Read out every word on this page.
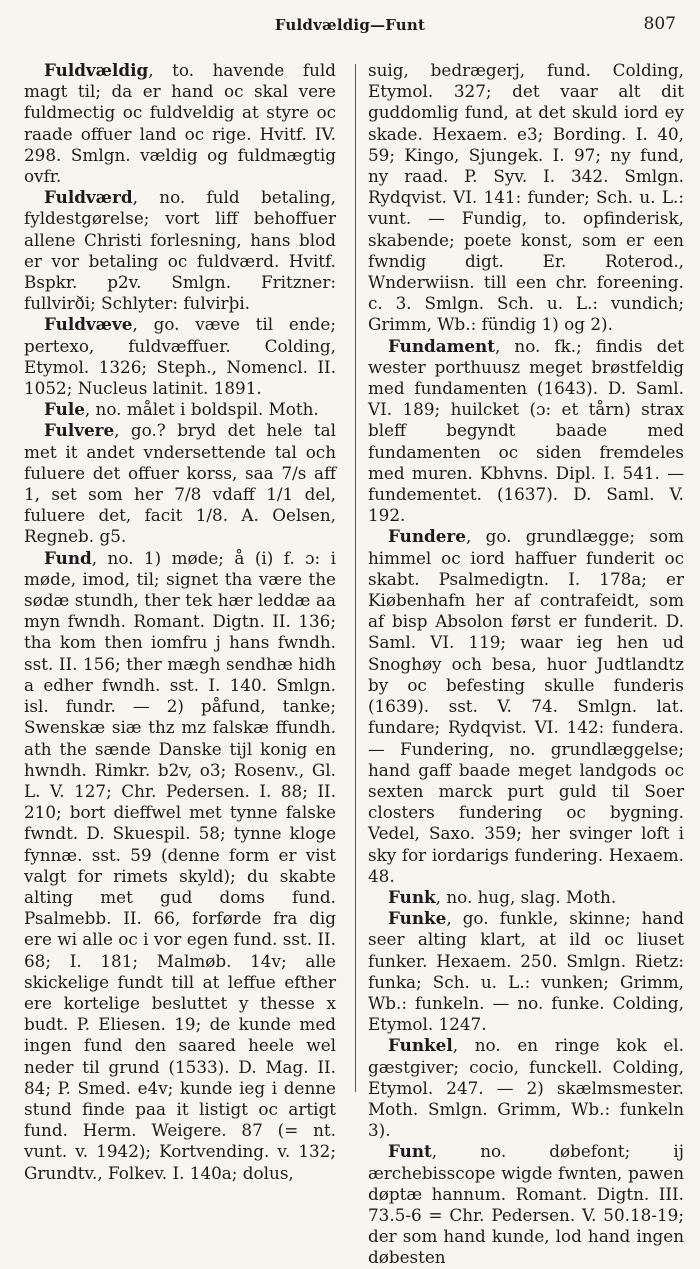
Fuldvældig—Funt	807

Fuldvældig, to. havende fuld magt til; da er hand oc skal vere fuldmectig oc fuldveldig at styre oc raade offuer land oc rige. Hvitf. IV. 298. Smlgn. vældig og fuldmægtig ovfr.

Fuldværd, no. fuld betaling, fyldestgørelse; vort liff behoffuer allene Christi forlesning, hans blod er vor betaling oc fuldværd. Hvitf. Bspkr. p2v. Smlgn. Fritzner: fullvirði; Schlyter: fulvirþi.

Fuldvæve, go. væve til ende; pertexo, fuldvæffuer. Colding, Etymol. 1326; Steph., Nomencl. II. 1052; Nucleus latinit. 1891.

Fule, no. målet i boldspil. Moth.

Fulvere, go.? bryd det hele tal met it andet vndersettende tal och fuluere det offuer korss, saa 7/s aff 1, set som her 7/8 vdaff 1/1 del, fuluere det, facit 1/8. A. Oelsen, Regneb. g5.

Fund, no. 1) møde; å (i) f. ɔ: i møde, imod, til; signet tha være the sødæ stundh, ther tek hær leddæ aa myn fwndh. Romant. Digtn. II. 136; tha kom then iomfru j hans fwndh. sst. II. 156; ther mægh sendhæ hidh a edher fwndh. sst. I. 140. Smlgn. isl. fundr. — 2) påfund, tanke; Swenskæ siæ thz mz falskæ ffundh. ath the sænde Danske tijl konig en hwndh. Rimkr. b2v, o3; Rosenv., Gl. L. V. 127; Chr. Pedersen. I. 88; II. 210; bort dieffwel met tynne falske fwndt. D. Skuespil. 58; tynne kloge fynnæ. sst. 59 (denne form er vist valgt for rimets skyld); du skabte alting met gud doms fund. Psalmebb. II. 66, forførde fra dig ere wi alle oc i vor egen fund. sst. II. 68; I. 181; Malmøb. 14v; alle skickelige fundt till at leffue efther ere kortelige besluttet y thesse x budt. P. Eliesen. 19; de kunde med ingen fund den saared heele wel neder til grund (1533). D. Mag. II. 84; P. Smed. e4v; kunde ieg i denne stund finde paa it listigt oc artigt fund. Herm. Weigere. 87 (= nt. vunt. v. 1942); Kortvending. v. 132; Grundtv., Folkev. I. 140a; dolus,

suig, bedrægerj, fund. Colding, Etymol. 327; det vaar alt dit guddomlig fund, at det skuld iord ey skade. Hexaem. e3; Bording. I. 40, 59; Kingo, Sjungek. I. 97; ny fund, ny raad. P. Syv. I. 342. Smlgn. Rydqvist. VI. 141: funder; Sch. u. L.: vunt. — Fundig, to. opfinderisk, skabende; poete konst, som er een fwndig digt. Er. Roterod., Wnderwiisn. till een chr. foreening. c. 3. Smlgn. Sch. u. L.: vundich; Grimm, Wb.: fündig 1) og 2).

Fundament, no. fk.; findis det wester porthuusz meget brøstfeldig med fundamenten (1643). D. Saml. VI. 189; huilcket (ɔ: et tårn) strax bleff begyndt baade med fundamenten oc siden fremdeles med muren. Kbhvns. Dipl. I. 541. — fundementet. (1637). D. Saml. V. 192.

Fundere, go. grundlægge; som himmel oc iord haffuer funderit oc skabt. Psalmedigtn. I. 178a; er Kiøbenhafn her af contrafeidt, som af bisp Absolon først er funderit. D. Saml. VI. 119; waar ieg hen ud Snoghøy och besa, huor Judtlandtz by oc befesting skulle funderis (1639). sst. V. 74. Smlgn. lat. fundare; Rydqvist. VI. 142: fundera. — Fundering, no. grundlæggelse; hand gaff baade meget landgods oc sexten marck purt guld til Soer closters fundering oc bygning. Vedel, Saxo. 359; her svinger loft i sky for iordarigs fundering. Hexaem. 48.

Funk, no. hug, slag. Moth.

Funke, go. funkle, skinne; hand seer alting klart, at ild oc liuset funker. Hexaem. 250. Smlgn. Rietz: funka; Sch. u. L.: vunken; Grimm, Wb.: funkeln. — no. funke. Colding, Etymol. 1247.

Funkel, no. en ringe kok el. gæstgiver; cocio, funckell. Colding, Etymol. 247. — 2) skælmsmester. Moth. Smlgn. Grimm, Wb.: funkeln 3).

Funt, no. døbefont; ij ærchebisscope wigde fwnten, pawen døptæ hannum. Romant. Digtn. III. 73.5-6 = Chr. Pedersen. V. 50.18-19; der som hand kunde, lod hand ingen døbesten
